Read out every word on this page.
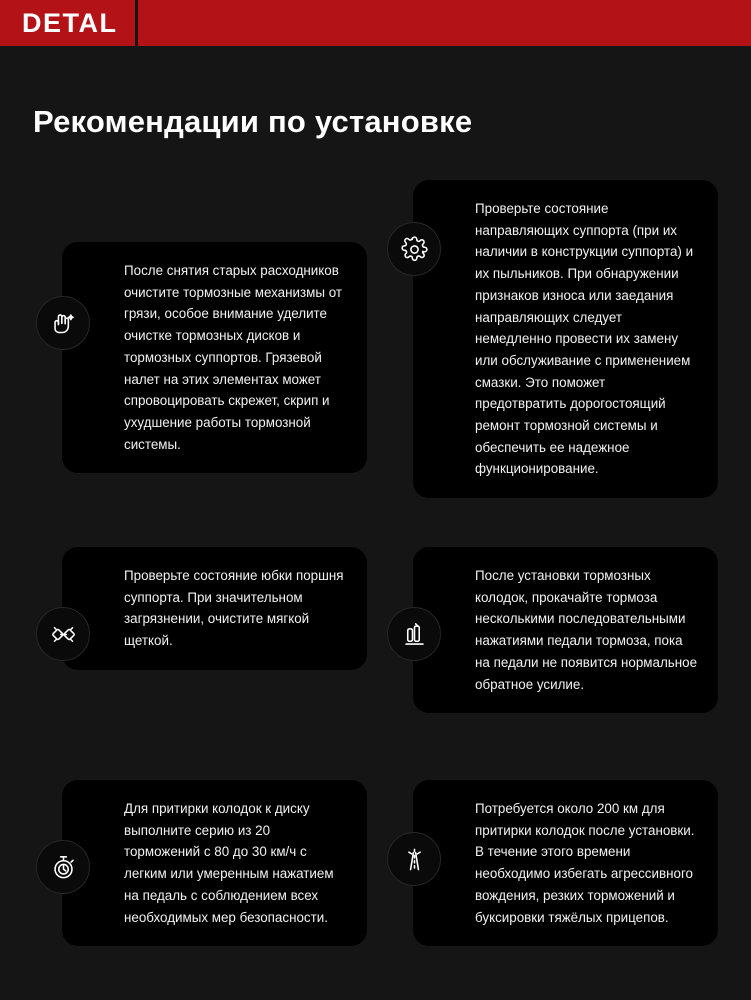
DETAL
Рекомендации по установке
После снятия старых расходников очистите тормозные механизмы от грязи, особое внимание уделите очистке тормозных дисков и тормозных суппортов. Грязевой налет на этих элементах может спровоцировать скрежет, скрип и ухудшение работы тормозной системы.
Проверьте состояние направляющих суппорта (при их наличии в конструкции суппорта) и их пыльников. При обнаружении признаков износа или заедания направляющих следует немедленно провести их замену или обслуживание с применением смазки. Это поможет предотвратить дорогостоящий ремонт тормозной системы и обеспечить ее надежное функционирование.
Проверьте состояние юбки поршня суппорта. При значительном загрязнении, очистите мягкой щеткой.
После установки тормозных колодок, прокачайте тормоза несколькими последовательными нажатиями педали тормоза, пока на педали не появится нормальное обратное усилие.
Для притирки колодок к диску выполните серию из 20 торможений с 80 до 30 км/ч с легким или умеренным нажатием на педаль с соблюдением всех необходимых мер безопасности.
Потребуется около 200 км для притирки колодок после установки. В течение этого времени необходимо избегать агрессивного вождения, резких торможений и буксировки тяжёлых прицепов.
